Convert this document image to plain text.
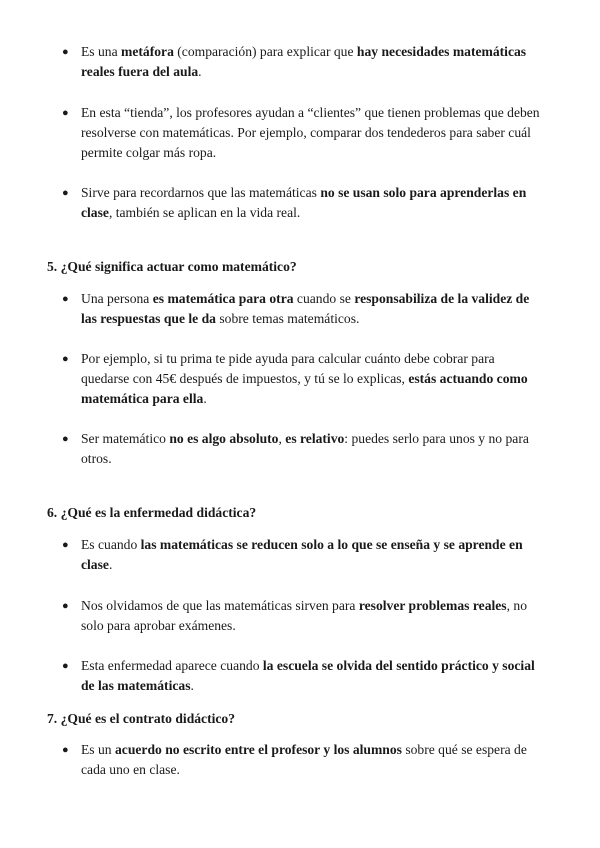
● Es una metáfora (comparación) para explicar que hay necesidades matemáticas reales fuera del aula.
● En esta “tienda”, los profesores ayudan a “clientes” que tienen problemas que deben resolverse con matemáticas. Por ejemplo, comparar dos tendederos para saber cuál permite colgar más ropa.
● Sirve para recordarnos que las matemáticas no se usan solo para aprenderlas en clase, también se aplican en la vida real.
5. ¿Qué significa actuar como matemático?
● Una persona es matemática para otra cuando se responsabiliza de la validez de las respuestas que le da sobre temas matemáticos.
● Por ejemplo, si tu prima te pide ayuda para calcular cuánto debe cobrar para quedarse con 45€ después de impuestos, y tú se lo explicas, estás actuando como matemática para ella.
● Ser matemático no es algo absoluto, es relativo: puedes serlo para unos y no para otros.
6. ¿Qué es la enfermedad didáctica?
● Es cuando las matemáticas se reducen solo a lo que se enseña y se aprende en clase.
● Nos olvidamos de que las matemáticas sirven para resolver problemas reales, no solo para aprobar exámenes.
● Esta enfermedad aparece cuando la escuela se olvida del sentido práctico y social de las matemáticas.
7. ¿Qué es el contrato didáctico?
● Es un acuerdo no escrito entre el profesor y los alumnos sobre qué se espera de cada uno en clase.
